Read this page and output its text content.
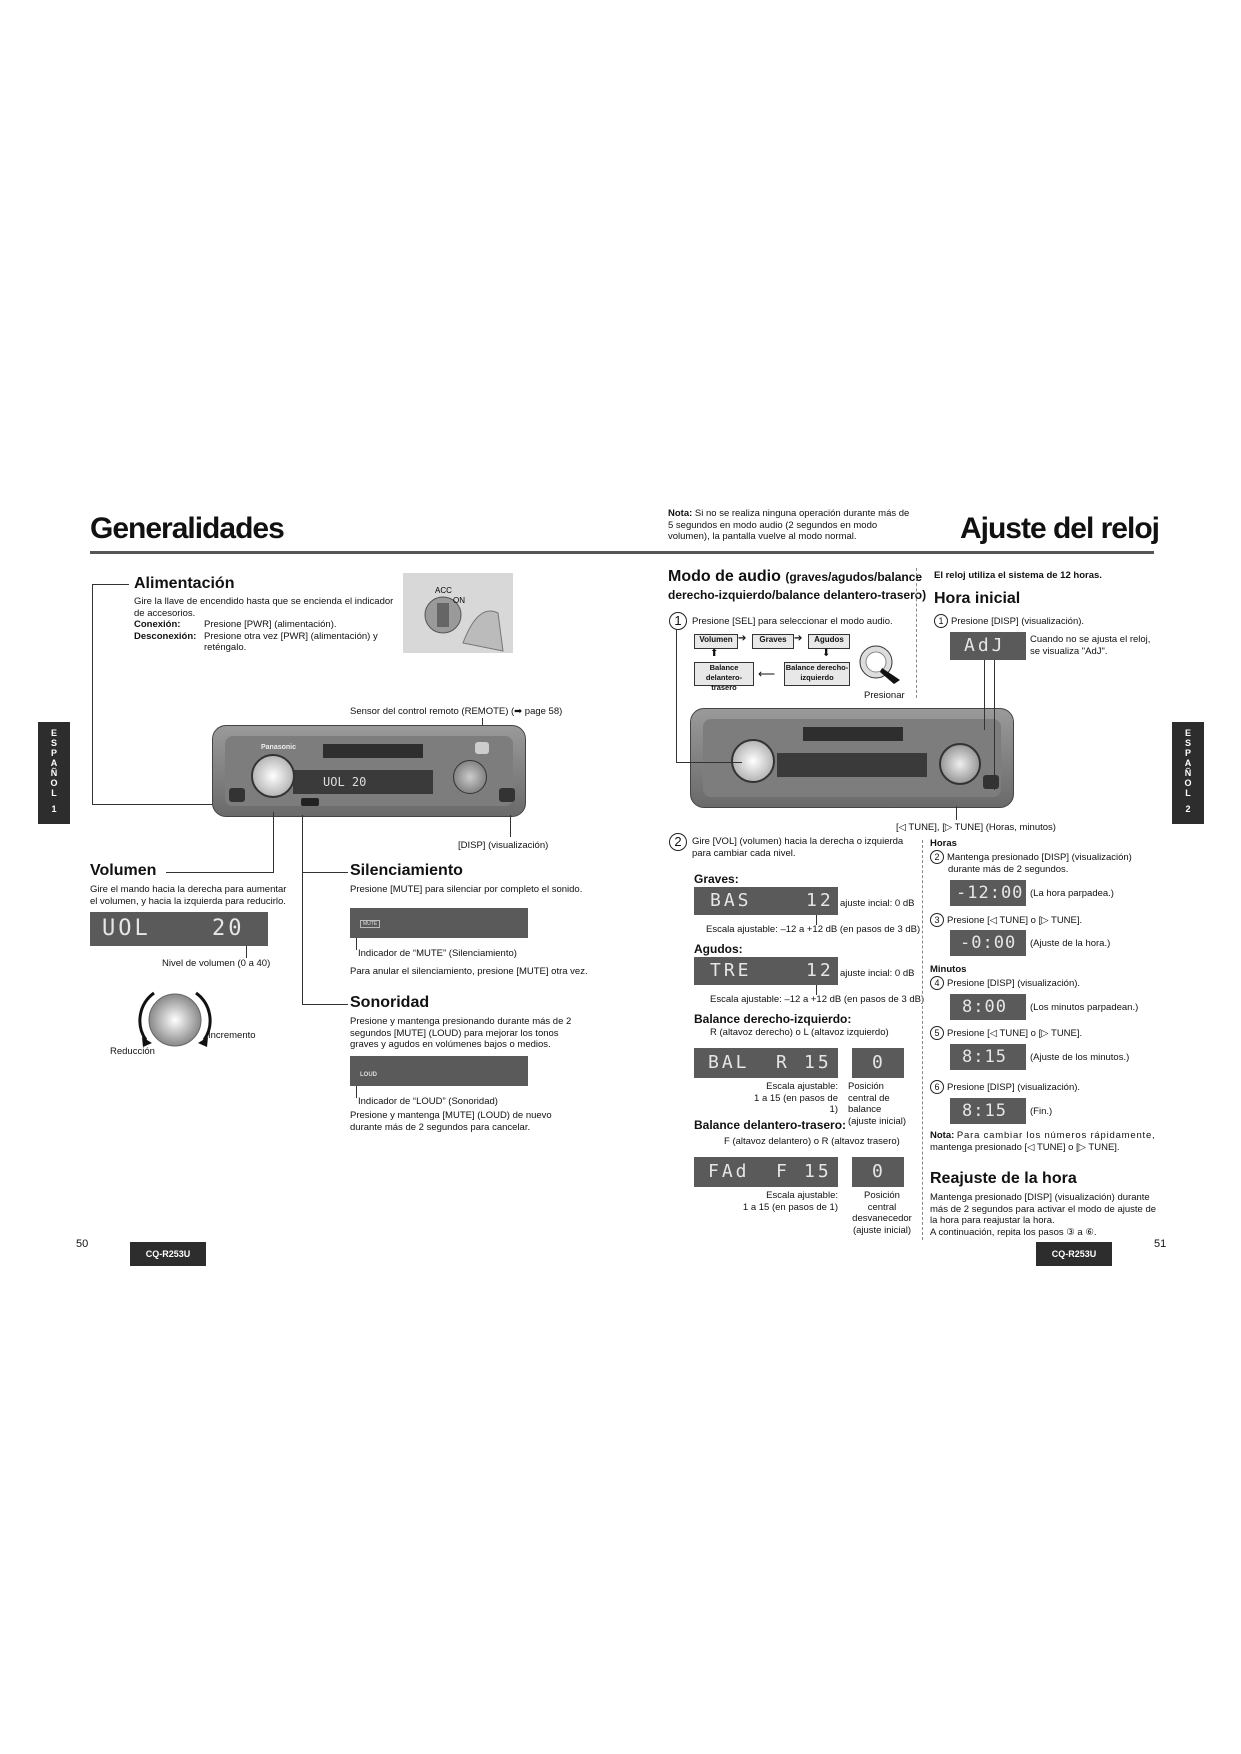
Generalidades	Ajuste del reloj
Nota: Si no se realiza ninguna operación durante más de
5 segundos en modo audio (2 segundos en modo
volumen), la pantalla vuelve al modo normal.
E
S
P
A
Ñ
O
L
1
E
S
P
A
Ñ
O
L
2
Alimentación
Gire la llave de encendido hasta que se encienda el indicador
de accesorios.
Conexión: Presione [PWR] (alimentación).
Desconexión: Presione otra vez [PWR] (alimentación) y
reténgalo.
ACC
ON
Sensor del control remoto (REMOTE) (➡ page 58)
Panasonic
UOL 20
[DISP] (visualización)
Volumen
Gire el mando hacia la derecha para aumentar
el volumen, y hacia la izquierda para reducirlo.
UOL	20
Nivel de volumen (0 a 40)
Incremento
Reducción
Silenciamiento
Presione [MUTE] para silenciar por completo el sonido.
MUTE
Indicador de “MUTE” (Silenciamiento)
Para anular el silenciamiento, presione [MUTE] otra vez.
Sonoridad
Presione y mantenga presionando durante más de 2
segundos [MUTE] (LOUD) para mejorar los tonos
graves y agudos en volúmenes bajos o medios.
LOUD
Indicador de “LOUD” (Sonoridad)
Presione y mantenga [MUTE] (LOUD) de nuevo
durante más de 2 segundos para cancelar.
50
CQ-R253U
Modo de audio (graves/agudos/balance
derecho-izquierdo/balance delantero-trasero)
1	Presione [SEL] para seleccionar el modo audio.
Volumen ➔	Graves ➔	Agudos
⬆	⬇
Balance delantero-trasero
⟵ Balance derecho-izquierdo
Presionar
[◁ TUNE], [▷ TUNE] (Horas, minutos)
2	Gire [VOL] (volumen) hacia la derecha o izquierda
para cambiar cada nivel.
Graves:
BAS	12 ajuste incial: 0 dB
Escala ajustable: –12 a +12 dB (en pasos de 3 dB)
Agudos:
TRE	12 ajuste incial: 0 dB
Escala ajustable: –12 a +12 dB (en pasos de 3 dB)
Balance derecho-izquierdo:
R (altavoz derecho) o L (altavoz izquierdo)
BAL R 15 0
Escala ajustable:
1 a 15 (en pasos de 1)
Posición
central de
balance
(ajuste inicial)
Balance delantero-trasero:
F (altavoz delantero) o R (altavoz trasero)
FAd F 15 0
Escala ajustable:
1 a 15 (en pasos de 1)
Posición
central
desvanecedor
(ajuste inicial)
El reloj utiliza el sistema de 12 horas.
Hora inicial
1 Presione [DISP] (visualización).
AdJ	Cuando no se ajusta el reloj,
se visualiza "AdJ".
Horas
2 Mantenga presionado [DISP] (visualización)
durante más de 2 segundos.
-12:00 (La hora parpadea.)
3 Presione [◁ TUNE] o [▷ TUNE].
-0:00 (Ajuste de la hora.)
Minutos
4 Presione [DISP] (visualización).
8:00 (Los minutos parpadean.)
5 Presione [◁ TUNE] o [▷ TUNE].
8:15 (Ajuste de los minutos.)
6 Presione [DISP] (visualización).
8:15 (Fin.)
Nota: Para cambiar los números rápidamente,
mantenga presionado [◁ TUNE] o [▷ TUNE].
Reajuste de la hora
Mantenga presionado [DISP] (visualización) durante
más de 2 segundos para activar el modo de ajuste de
la hora para reajustar la hora.
A continuación, repita los pasos ③ a ⑥.
51
CQ-R253U
